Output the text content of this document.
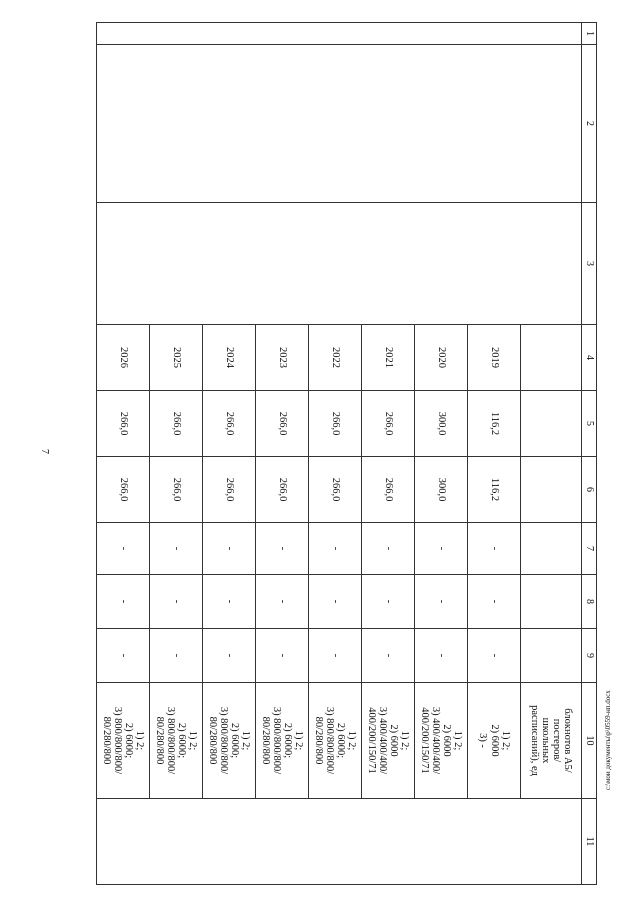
7
1	2	3	4	5	6	7	8	9	10	11
									блокнотов А5/
постеров/
школьных
расписаний), ед	
			2019	116,2	116,2	-	-	-	1) 2;
2) 6000
3) -	
			2020	300,0	300,0	-	-	-	1) 2;
2) 6000
3) 400/400/400/
400/200/150/71	
			2021	266,0	266,0	-	-	-	1) 2;
2) 6000
3) 400/400/400/
400/200/150/71	
			2022	266,0	266,0	-	-	-	1) 2;
2) 6000;
3) 800/800/800/
80/280/800	
			2023	266,0	266,0	-	-	-	1) 2;
2) 6000;
3) 800/800/800/
80/280/800	
			2024	266,0	266,0	-	-	-	1) 2;
2) 6000;
3) 800/800/800/
80/280/800	
			2025	266,0	266,0	-	-	-	1) 2;
2) 6000;
3) 800/800/800/
80/280/800	
			2026	266,0	266,0	-	-	-	1) 2;
2) 6000;
3) 800/800/800/
80/280/800		c:\мои документы\р\0559-нп.docx
